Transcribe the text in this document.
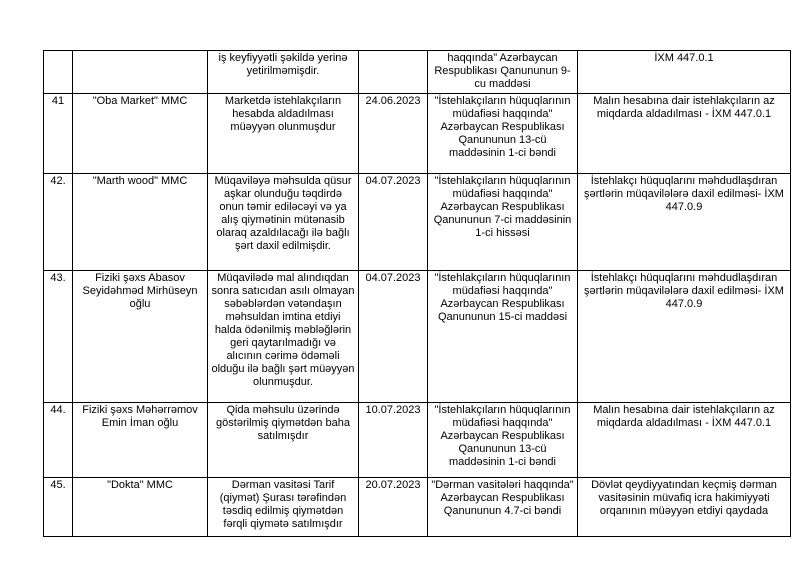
		iş keyfiyyətli şəkildə yerinə yetirilməmişdir.		haqqında" Azərbaycan Respublikası Qanununun 9-cu maddəsi	İXM 447.0.1
41	"Oba Market" MMC	Marketdə istehlakçıların hesabda aldadılması müəyyən olunmuşdur	24.06.2023	"İstehlakçıların hüquqlarının müdafiəsi haqqında" Azərbaycan Respublikası Qanununun 13-cü maddəsinin 1-ci bəndi	Malın hesabına dair istehlakçıların az miqdarda aldadılması - İXM 447.0.1
42.	"Marth wood" MMC	Müqaviləyə məhsulda qüsur aşkar olunduğu təqdirdə onun təmir ediləcəyi və ya alış qiymətinin mütənasib olaraq azaldılacağı ilə bağlı şərt daxil edilmişdir.	04.07.2023	"İstehlakçıların hüquqlarının müdafiəsi haqqında" Azərbaycan Respublikası Qanununun 7-ci maddəsinin 1-ci hissəsi	İstehlakçı hüquqlarını məhdudlaşdıran şərtlərin müqavilələrə daxil edilməsi- İXM 447.0.9
43.	Fiziki şəxs Abasov Seyidəhməd Mirhüseyn oğlu	Müqavilədə mal alındıqdan sonra satıcıdan asılı olmayan səbəblərdən vətəndaşın məhsuldan imtina etdiyi halda ödənilmiş məbləğlərin geri qaytarılmadığı və alıcının cərimə ödəməli olduğu ilə bağlı şərt müəyyən olunmuşdur.	04.07.2023	"İstehlakçıların hüquqlarının müdafiəsi haqqında" Azərbaycan Respublikası Qanununun 15-ci maddəsi	İstehlakçı hüquqlarını məhdudlaşdıran şərtlərin müqavilələrə daxil edilməsi- İXM 447.0.9
44.	Fiziki şəxs Məhərrəmov Emin İman oğlu	Qida məhsulu üzərində göstərilmiş qiymətdən baha satılmışdır	10.07.2023	"İstehlakçıların hüquqlarının müdafiəsi haqqında" Azərbaycan Respublikası Qanununun 13-cü maddəsinin 1-ci bəndi	Malın hesabına dair istehlakçıların az miqdarda aldadılması - İXM 447.0.1
45.	"Dokta" MMC	Dərman vasitəsi Tarif (qiymət) Şurası tərəfindən təsdiq edilmiş qiymətdən fərqli qiymətə satılmışdır	20.07.2023	"Dərman vasitələri haqqında" Azərbaycan Respublikası Qanununun 4.7-ci bəndi	Dövlət qeydiyyatından keçmiş dərman vasitəsinin müvafiq icra hakimiyyəti orqanının müəyyən etdiyi qaydada
